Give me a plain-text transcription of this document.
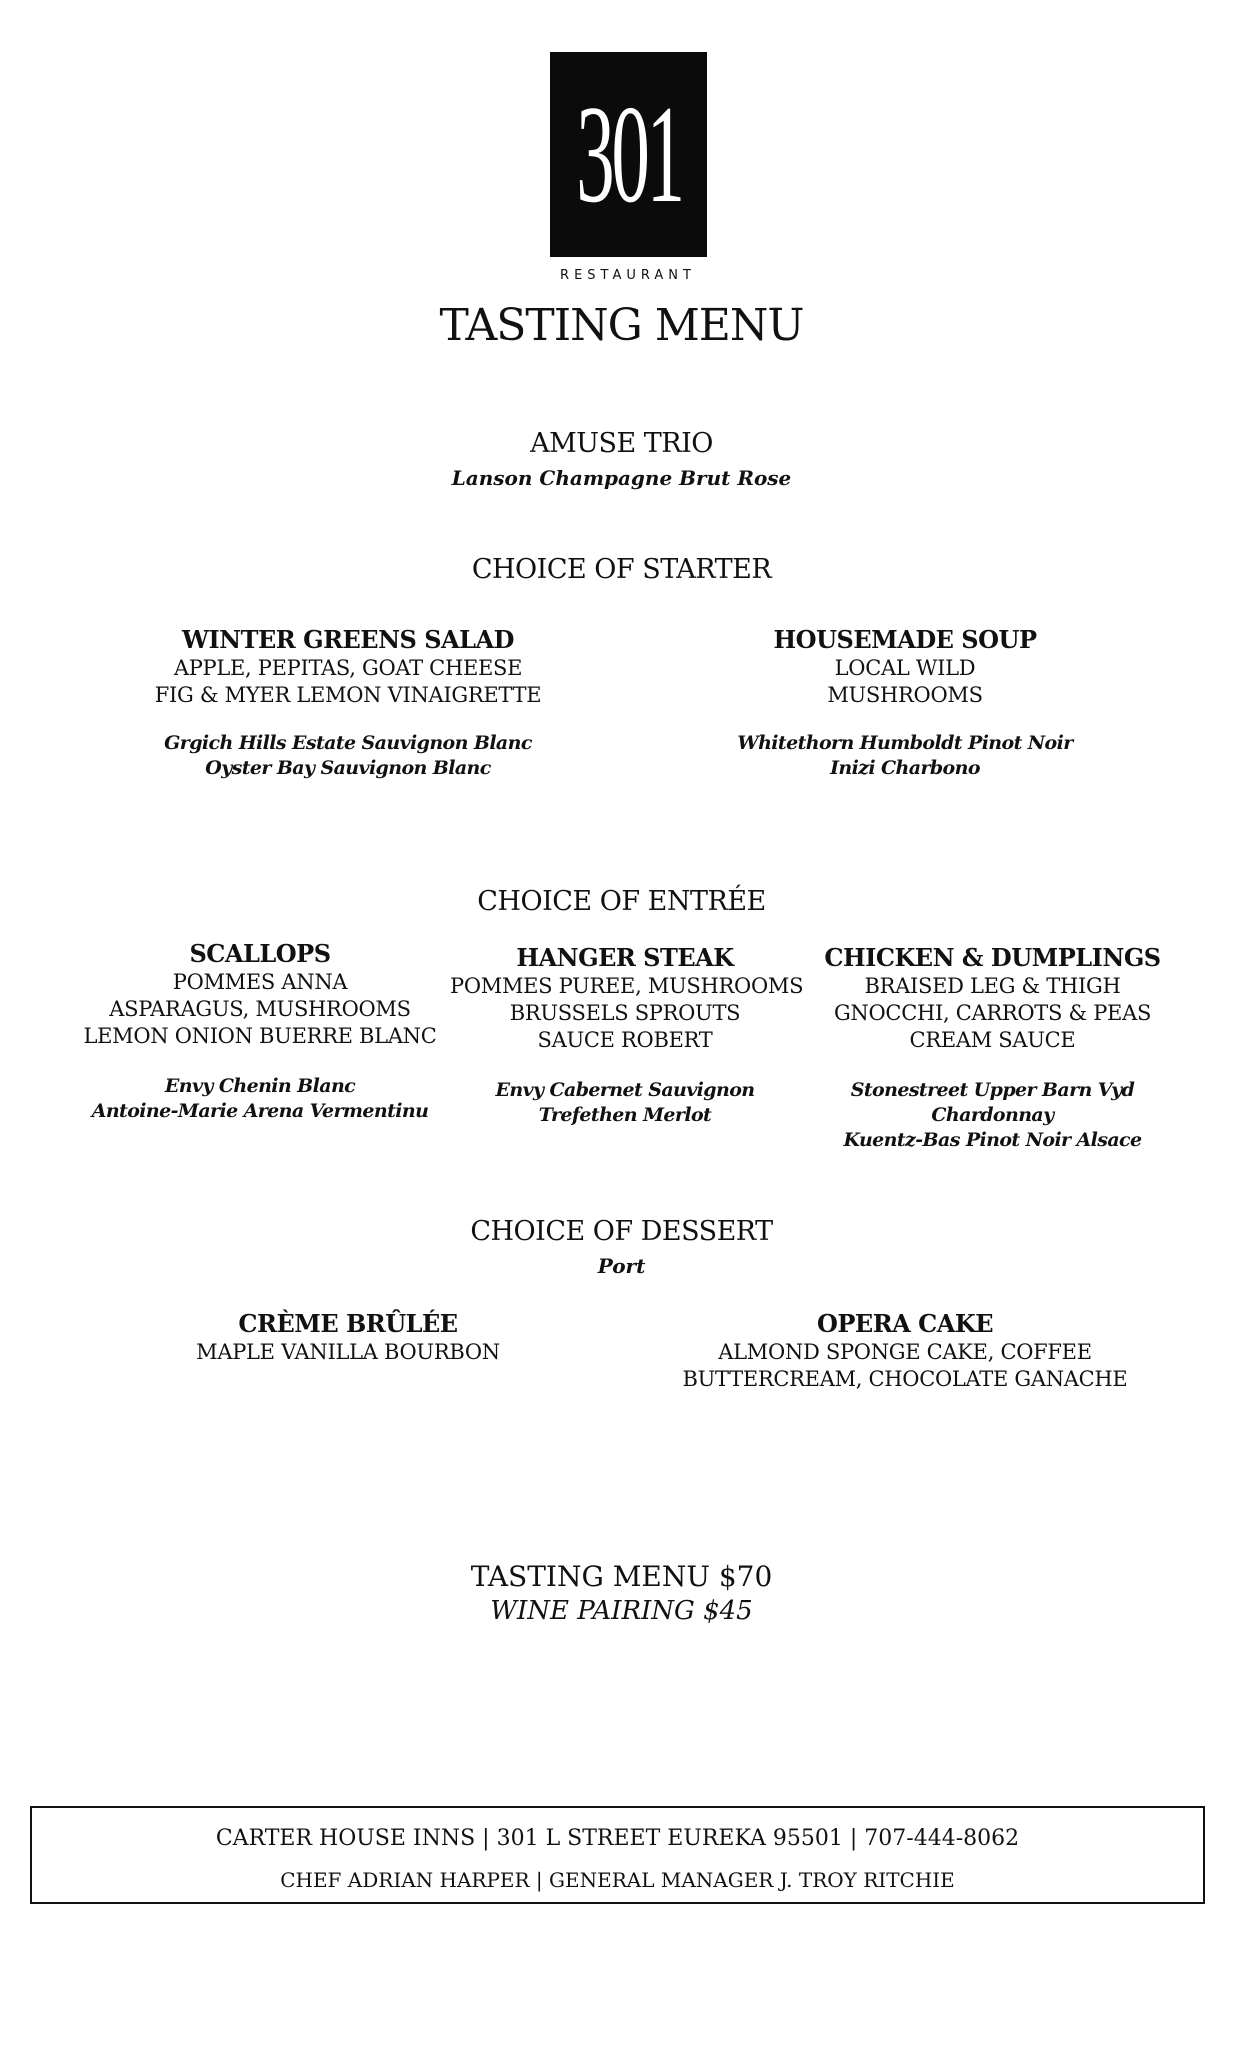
301
RESTAURANT
TASTING MENU
AMUSE TRIO
Lanson Champagne Brut Rose
CHOICE OF STARTER
WINTER GREENS SALAD
APPLE, PEPITAS, GOAT CHEESE
FIG & MYER LEMON VINAIGRETTE
Grgich Hills Estate Sauvignon Blanc
Oyster Bay Sauvignon Blanc
HOUSEMADE SOUP
LOCAL WILD
MUSHROOMS
Whitethorn Humboldt Pinot Noir
Inizi Charbono
CHOICE OF ENTRÉE
SCALLOPS
POMMES ANNA
ASPARAGUS, MUSHROOMS
LEMON ONION BUERRE BLANC
Envy Chenin Blanc
Antoine-Marie Arena Vermentinu
HANGER STEAK
POMMES PUREE, MUSHROOMS
BRUSSELS SPROUTS
SAUCE ROBERT
Envy Cabernet Sauvignon
Trefethen Merlot
CHICKEN & DUMPLINGS
BRAISED LEG & THIGH
GNOCCHI, CARROTS & PEAS
CREAM SAUCE
Stonestreet Upper Barn Vyd
Chardonnay
Kuentz-Bas Pinot Noir Alsace
CHOICE OF DESSERT
Port
CRÈME BRÛLÉE
MAPLE VANILLA BOURBON
OPERA CAKE
ALMOND SPONGE CAKE, COFFEE
BUTTERCREAM, CHOCOLATE GANACHE
TASTING MENU $70
WINE PAIRING $45
CARTER HOUSE INNS | 301 L STREET EUREKA 95501 | 707-444-8062
CHEF ADRIAN HARPER | GENERAL MANAGER J. TROY RITCHIE
